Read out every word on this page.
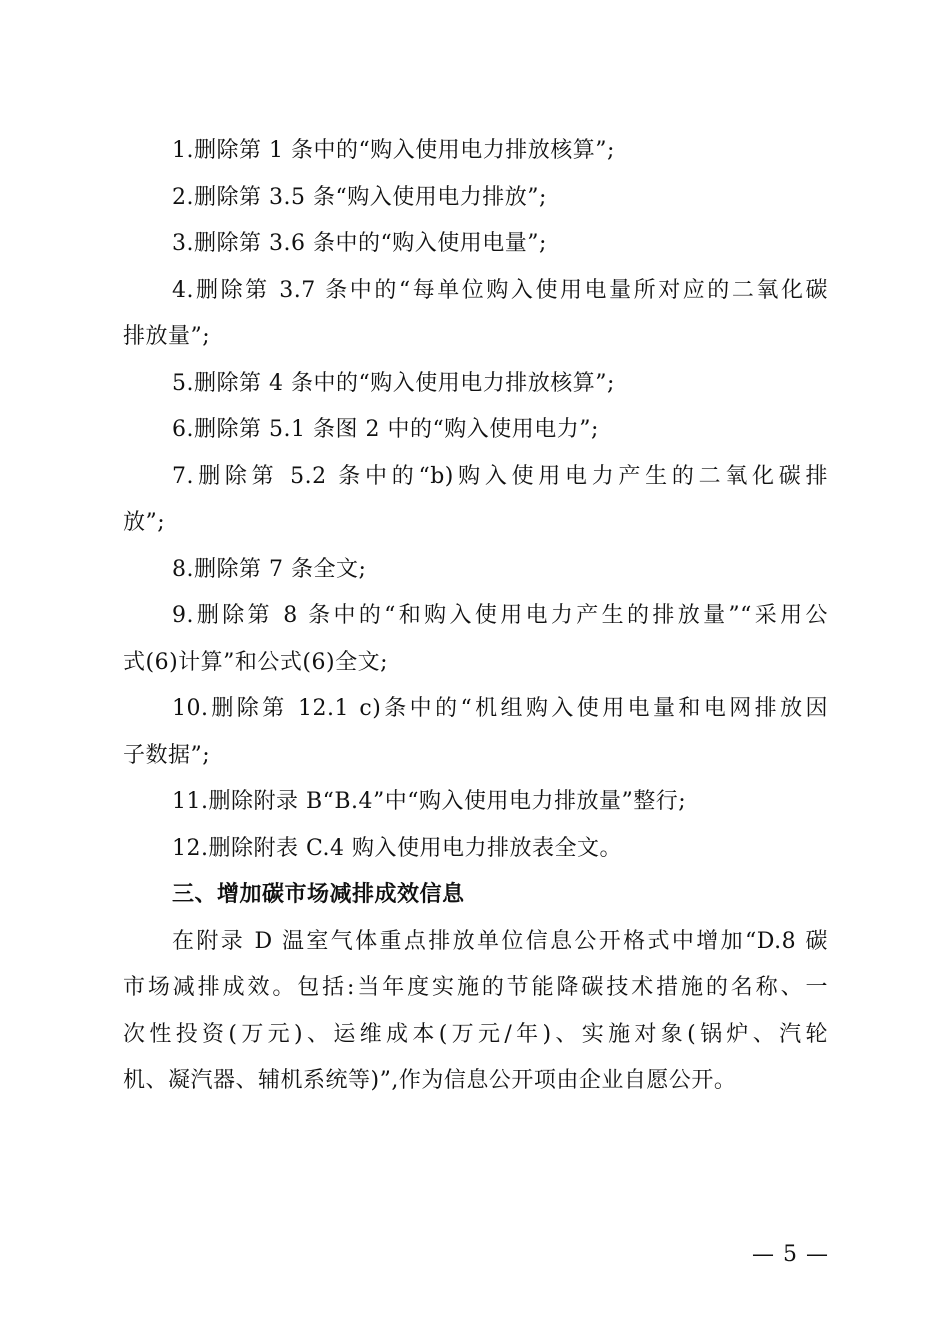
1.删除第 1 条中的“购入使用电力排放核算”;
2.删除第 3.5 条“购入使用电力排放”;
3.删除第 3.6 条中的“购入使用电量”;
4.删除第 3.7 条中的“每单位购入使用电量所对应的二氧化碳
排放量”;
5.删除第 4 条中的“购入使用电力排放核算”;
6.删除第 5.1 条图 2 中的“购入使用电力”;
7.删除第 5.2 条中的“b)购入使用电力产生的二氧化碳排
放”;
8.删除第 7 条全文;
9.删除第 8 条中的“和购入使用电力产生的排放量”“采用公
式(6)计算”和公式(6)全文;
10.删除第 12.1 c)条中的“机组购入使用电量和电网排放因
子数据”;
11.删除附录 B“B.4”中“购入使用电力排放量”整行;
12.删除附表 C.4 购入使用电力排放表全文。
三、增加碳市场减排成效信息
在附录 D 温室气体重点排放单位信息公开格式中增加“D.8 碳
市场减排成效。包括:当年度实施的节能降碳技术措施的名称、一
次性投资(万元)、运维成本(万元/年)、实施对象(锅炉、汽轮
机、凝汽器、辅机系统等)”,作为信息公开项由企业自愿公开。
— 5 —
